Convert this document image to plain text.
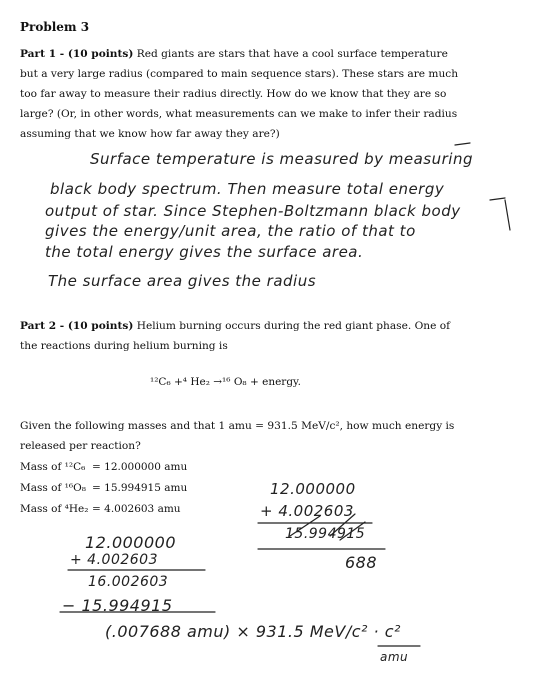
Problem 3
Part 1 - (10 points) Red giants are stars that have a cool surface temperature but a very large radius (compared to main sequence stars). These stars are much too far away to measure their radius directly. How do we know that they are so large? (Or, in other words, what measurements can we make to infer their radius assuming that we know how far away they are?)
Surface temperature is measured by measuring
black body spectrum. Then measure total energy
output of star. Since Stephen-Boltzmann black body
gives the energy/unit area, the ratio of that to
the total energy gives the surface area.
The surface area gives the radius
Part 2 - (10 points) Helium burning occurs during the red giant phase. One of the reactions during helium burning is
¹²C₆ +⁴ He₂ →¹⁶ O₈ + energy.
Given the following masses and that 1 amu = 931.5 MeV/c², how much energy is released per reaction?
Mass of ¹²C₆ = 12.000000 amu
Mass of ¹⁶O₈ = 15.994915 amu
Mass of ⁴He₂ = 4.002603 amu
12.000000
+ 4.002603
15.994915
688
12.000000
+ 4.002603
16.002603
− 15.994915
(.007688 amu) × 931.5 MeV/c² · c²
amu
